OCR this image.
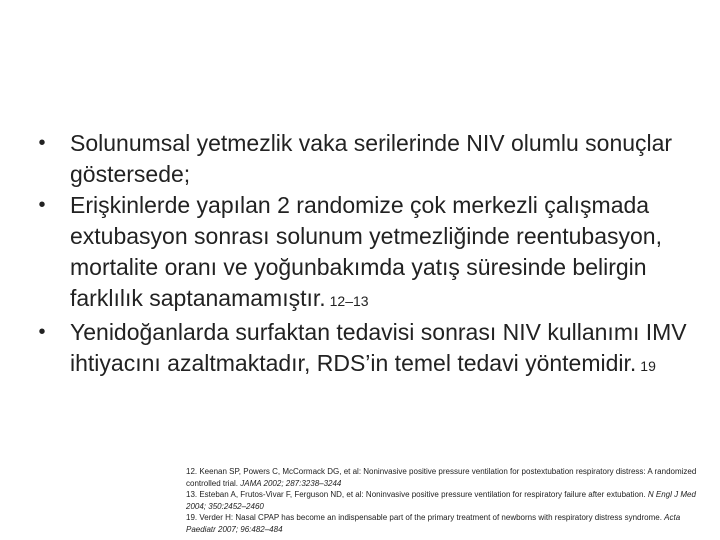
•	Solunumsal yetmezlik vaka serilerinde NIV olumlu sonuçlar göstersede;
•	Erişkinlerde yapılan 2 randomize çok merkezli çalışmada extubasyon sonrası solunum yetmezliğinde reentubasyon, mortalite oranı ve yoğunbakımda yatış süresinde belirgin farklılık saptanamamıştır. 12–13
•	Yenidoğanlarda surfaktan tedavisi sonrası NIV kullanımı IMV ihtiyacını azaltmaktadır, RDS’in temel tedavi yöntemidir. 19
12. Keenan SP, Powers C, McCormack DG, et al: Noninvasive positive pressure ventilation for postextubation respiratory distress: A randomized controlled trial. JAMA 2002; 287:3238–3244
13. Esteban A, Frutos-Vivar F, Ferguson ND, et al: Noninvasive positive pressure ventilation for respiratory failure after extubation. N Engl J Med 2004; 350:2452–2460
19. Verder H: Nasal CPAP has become an indispensable part of the primary treatment of newborns with respiratory distress syndrome. Acta Paediatr 2007; 96:482–484
